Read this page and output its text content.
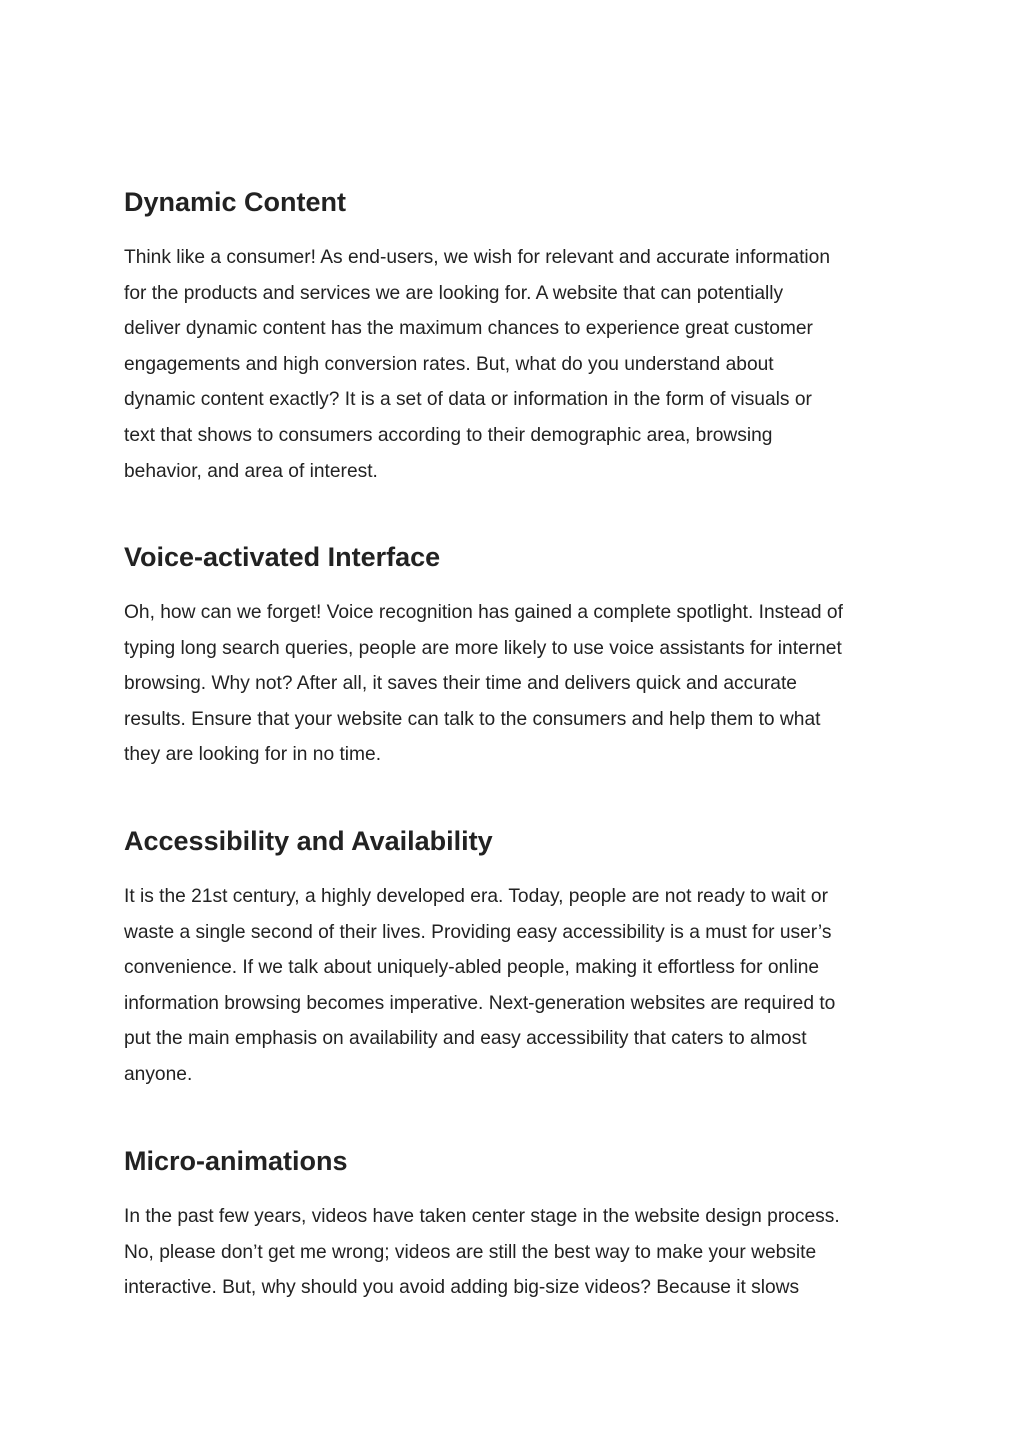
Dynamic Content
Think like a consumer! As end-users, we wish for relevant and accurate information
for the products and services we are looking for. A website that can potentially
deliver dynamic content has the maximum chances to experience great customer
engagements and high conversion rates. But, what do you understand about
dynamic content exactly? It is a set of data or information in the form of visuals or
text that shows to consumers according to their demographic area, browsing
behavior, and area of interest.
Voice-activated Interface
Oh, how can we forget! Voice recognition has gained a complete spotlight. Instead of
typing long search queries, people are more likely to use voice assistants for internet
browsing. Why not? After all, it saves their time and delivers quick and accurate
results. Ensure that your website can talk to the consumers and help them to what
they are looking for in no time.
Accessibility and Availability
It is the 21st century, a highly developed era. Today, people are not ready to wait or
waste a single second of their lives. Providing easy accessibility is a must for user’s
convenience. If we talk about uniquely-abled people, making it effortless for online
information browsing becomes imperative. Next-generation websites are required to
put the main emphasis on availability and easy accessibility that caters to almost
anyone.
Micro-animations
In the past few years, videos have taken center stage in the website design process.
No, please don’t get me wrong; videos are still the best way to make your website
interactive. But, why should you avoid adding big-size videos? Because it slows
